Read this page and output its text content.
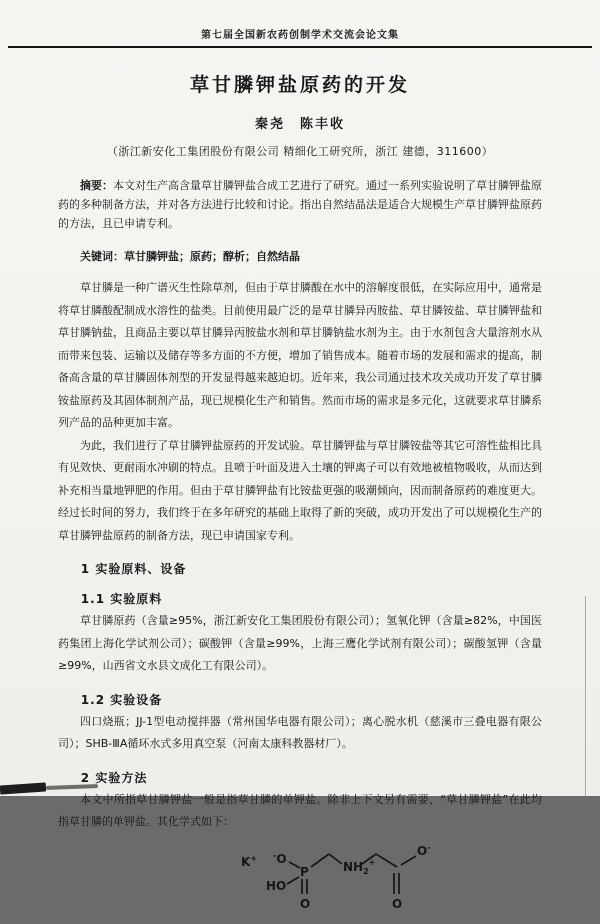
第七届全国新农药创制学术交流会论文集
草甘膦钾盐原药的开发
秦尧　陈丰收
（浙江新安化工集团股份有限公司 精细化工研究所，浙江 建德，311600）
摘要：本文对生产高含量草甘膦钾盐合成工艺进行了研究。通过一系列实验说明了草甘膦钾盐原药的多种制备方法，并对各方法进行比较和讨论。指出自然结晶法是适合大规模生产草甘膦钾盐原药的方法，且已申请专利。
关键词：草甘膦钾盐；原药；醇析；自然结晶

草甘膦是一种广谱灭生性除草剂，但由于草甘膦酸在水中的溶解度很低，在实际应用中，通常是将草甘膦酸配制成水溶性的盐类。目前使用最广泛的是草甘膦异丙胺盐、草甘膦铵盐、草甘膦钾盐和草甘膦钠盐，且商品主要以草甘膦异丙胺盐水剂和草甘膦钠盐水剂为主。由于水剂包含大量溶剂水从而带来包装、运输以及储存等多方面的不方便，增加了销售成本。随着市场的发展和需求的提高，制备高含量的草甘膦固体剂型的开发显得越来越迫切。近年来，我公司通过技术攻关成功开发了草甘膦铵盐原药及其固体制剂产品，现已规模化生产和销售。然而市场的需求是多元化，这就要求草甘膦系列产品的品种更加丰富。

为此，我们进行了草甘膦钾盐原药的开发试验。草甘膦钾盐与草甘膦铵盐等其它可溶性盐相比具有见效快、更耐雨水冲刷的特点。且喷于叶面及进入土壤的钾离子可以有效地被植物吸收，从而达到补充相当量地钾肥的作用。但由于草甘膦钾盐有比铵盐更强的吸潮倾向，因而制备原药的难度更大。经过长时间的努力，我们终于在多年研究的基础上取得了新的突破，成功开发出了可以规模化生产的草甘膦钾盐原药的制备方法，现已申请国家专利。

1 实验原料、设备
1.1 实验原料

草甘膦原药（含量≥95%，浙江新安化工集团股份有限公司）；氢氧化钾（含量≥82%，中国医药集团上海化学试剂公司）；碳酸钾（含量≥99%，上海三鹰化学试剂有限公司）；碳酸氢钾（含量≥99%，山西省文水县文成化工有限公司）。

1.2 实验设备

四口烧瓶；JJ-1型电动搅拌器（常州国华电器有限公司）；离心脱水机（慈溪市三叠电器有限公司）；SHB-ⅢA循环水式多用真空泵（河南太康科教器材厂）。

2 实验方法

本文中所指草甘膦钾盐一般是指草甘膦的单钾盐。除非上下文另有需要，“草甘膦钾盐”在此均指草甘膦的单钾盐。其化学式如下：

K+ -O
P
HO
O
$NH_2^+$
O-
O
